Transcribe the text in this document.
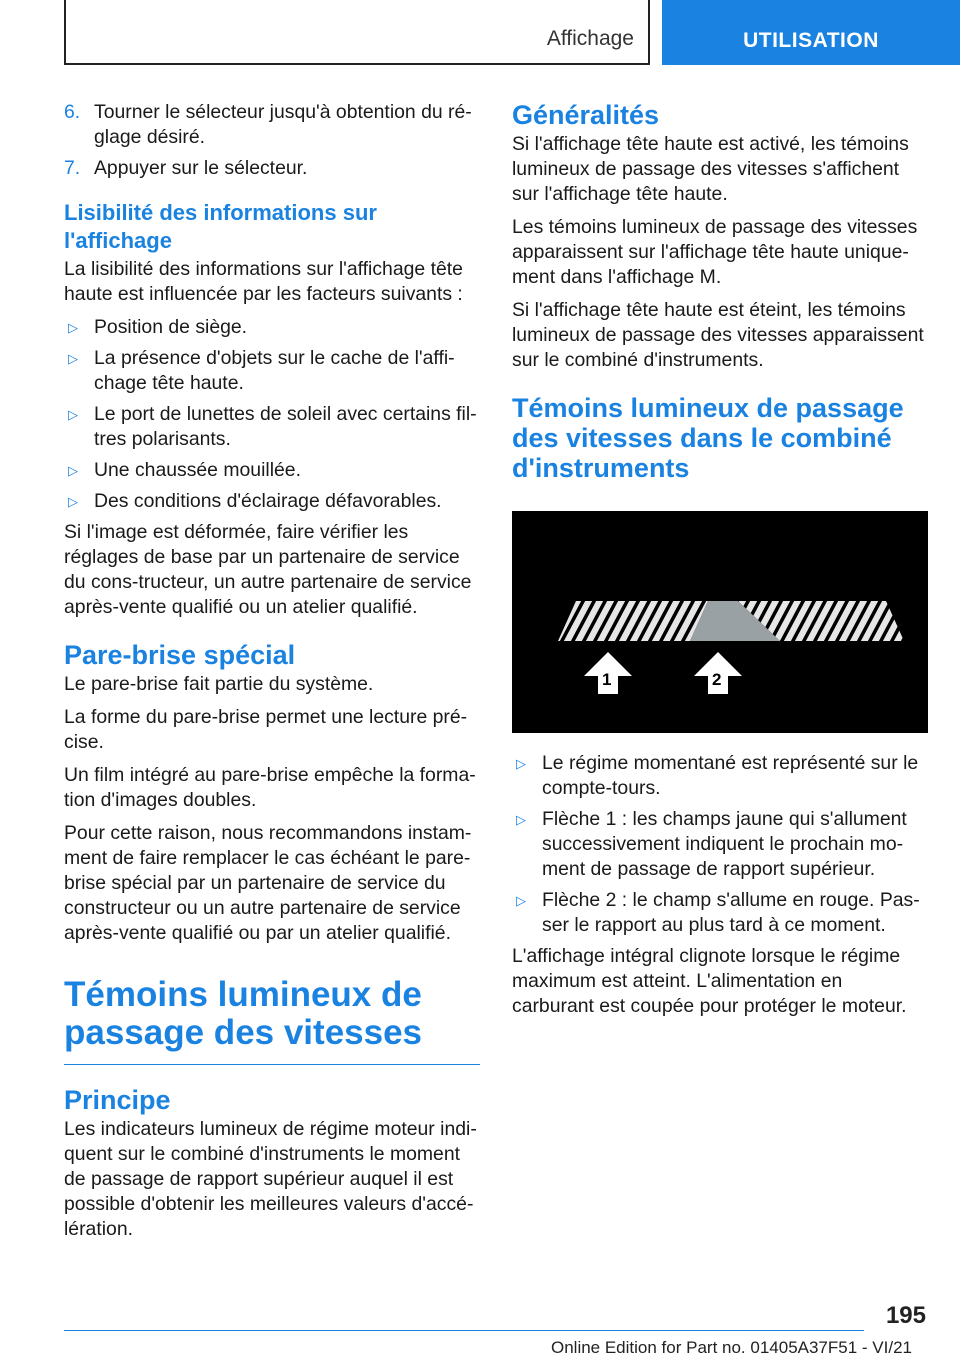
Affichage	UTILISATION
6. Tourner le sélecteur jusqu'à obtention du ré-glage désiré.
7. Appuyer sur le sélecteur.
Lisibilité des informations sur l'affichage

La lisibilité des informations sur l'affichage tête haute est influencée par les facteurs suivants :

▷ Position de siège.
▷ La présence d'objets sur le cache de l'affi-chage tête haute.
▷ Le port de lunettes de soleil avec certains fil-tres polarisants.
▷ Une chaussée mouillée.
▷ Des conditions d'éclairage défavorables.

Si l'image est déformée, faire vérifier les réglages de base par un partenaire de service du cons-tructeur, un autre partenaire de service après-vente qualifié ou un atelier qualifié.

Pare-brise spécial

Le pare-brise fait partie du système.

La forme du pare-brise permet une lecture pré-cise.

Un film intégré au pare-brise empêche la forma-tion d'images doubles.

Pour cette raison, nous recommandons instam-ment de faire remplacer le cas échéant le pare-brise spécial par un partenaire de service du constructeur ou un autre partenaire de service après-vente qualifié ou par un atelier qualifié.

Témoins lumineux de passage des vitesses
Principe

Les indicateurs lumineux de régime moteur indi-quent sur le combiné d'instruments le moment de passage de rapport supérieur auquel il est possible d'obtenir les meilleures valeurs d'accé-lération.

Généralités

Si l'affichage tête haute est activé, les témoins lumineux de passage des vitesses s'affichent sur l'affichage tête haute.

Les témoins lumineux de passage des vitesses apparaissent sur l'affichage tête haute unique-ment dans l'affichage M.

Si l'affichage tête haute est éteint, les témoins lumineux de passage des vitesses apparaissent sur le combiné d'instruments.

Témoins lumineux de passage des vitesses dans le combiné d'instruments
1	2
▷ Le régime momentané est représenté sur le compte-tours.
▷ Flèche 1 : les champs jaune qui s'allument successivement indiquent le prochain mo-ment de passage de rapport supérieur.
▷ Flèche 2 : le champ s'allume en rouge. Pas-ser le rapport au plus tard à ce moment.

L'affichage intégral clignote lorsque le régime maximum est atteint. L'alimentation en carburant est coupée pour protéger le moteur.

195
Online Edition for Part no. 01405A37F51 - VI/21
